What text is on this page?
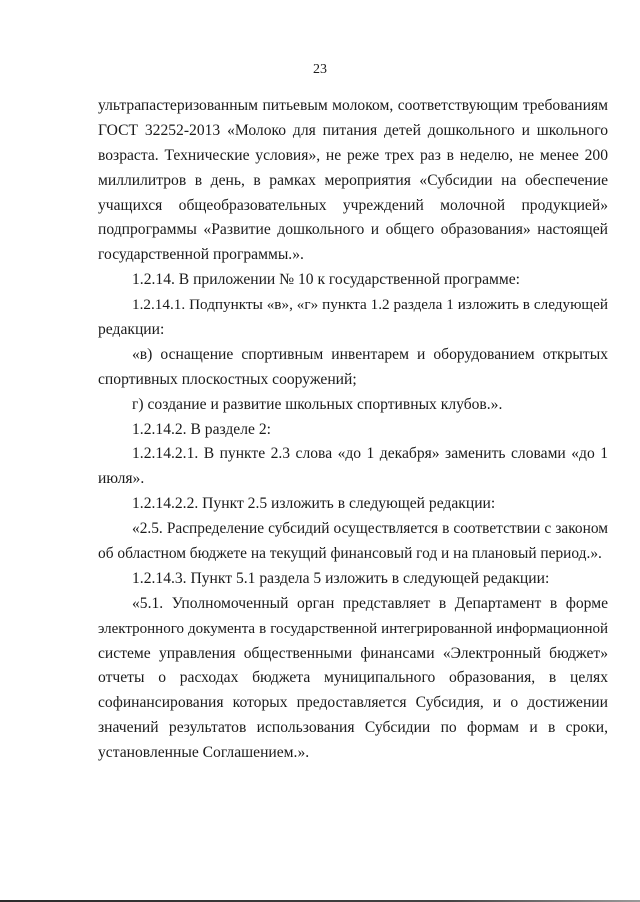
23
ультрапастеризованным питьевым молоком, соответствующим требованиям
ГОСТ 32252-2013 «Молоко для питания детей дошкольного и школьного
возраста. Технические условия», не реже трех раз в неделю, не менее 200
миллилитров в день, в рамках мероприятия «Субсидии на обеспечение
учащихся общеобразовательных учреждений молочной продукцией»
подпрограммы «Развитие дошкольного и общего образования» настоящей
государственной программы.».
1.2.14. В приложении № 10 к государственной программе:
1.2.14.1. Подпункты «в», «г» пункта 1.2 раздела 1 изложить в следующей
редакции:
«в) оснащение спортивным инвентарем и оборудованием открытых
спортивных плоскостных сооружений;
г) создание и развитие школьных спортивных клубов.».
1.2.14.2. В разделе 2:
1.2.14.2.1. В пункте 2.3 слова «до 1 декабря» заменить словами «до 1
июля».
1.2.14.2.2. Пункт 2.5 изложить в следующей редакции:
«2.5. Распределение субсидий осуществляется в соответствии с законом
об областном бюджете на текущий финансовый год и на плановый период.».
1.2.14.3. Пункт 5.1 раздела 5 изложить в следующей редакции:
«5.1. Уполномоченный орган представляет в Департамент в форме
электронного документа в государственной интегрированной информационной
системе управления общественными финансами «Электронный бюджет»
отчеты о расходах бюджета муниципального образования, в целях
софинансирования которых предоставляется Субсидия, и о достижении
значений результатов использования Субсидии по формам и в сроки,
установленные Соглашением.».
